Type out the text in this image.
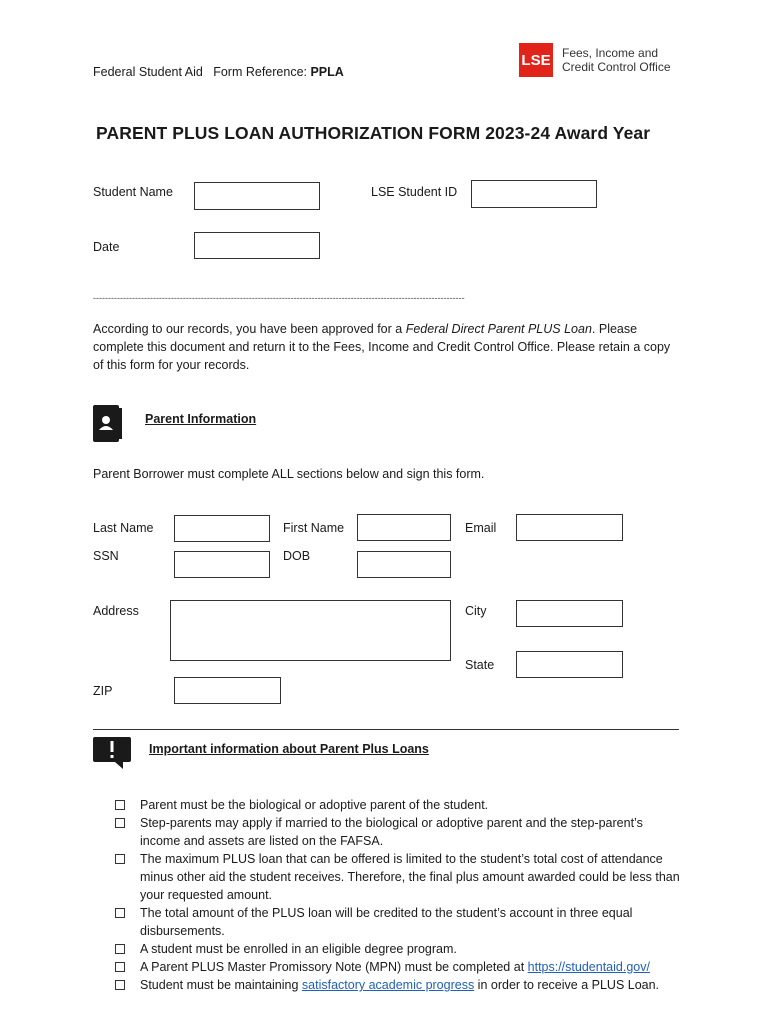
Federal Student Aid   Form Reference: PPLA
LSE Fees, Income and
Credit Control Office
PARENT PLUS LOAN AUTHORIZATION FORM 2023-24 Award Year
Student Name	LSE Student ID
Date
----------------------------------------------------------------------------------------------------------------------------
According to our records, you have been approved for a Federal Direct Parent PLUS Loan. Please complete this document and return it to the Fees, Income and Credit Control Office. Please retain a copy of this form for your records.
Parent Information
Parent Borrower must complete ALL sections below and sign this form.
Last Name	First Name	Email
SSN	DOB
Address	City
State
ZIP
Important information about Parent Plus Loans
Parent must be the biological or adoptive parent of the student.
Step-parents may apply if married to the biological or adoptive parent and the step-parent’s income and assets are listed on the FAFSA.
The maximum PLUS loan that can be offered is limited to the student’s total cost of attendance minus other aid the student receives. Therefore, the final plus amount awarded could be less than your requested amount.
The total amount of the PLUS loan will be credited to the student’s account in three equal disbursements.
A student must be enrolled in an eligible degree program.
A Parent PLUS Master Promissory Note (MPN) must be completed at https://studentaid.gov/
Student must be maintaining satisfactory academic progress in order to receive a PLUS Loan.
